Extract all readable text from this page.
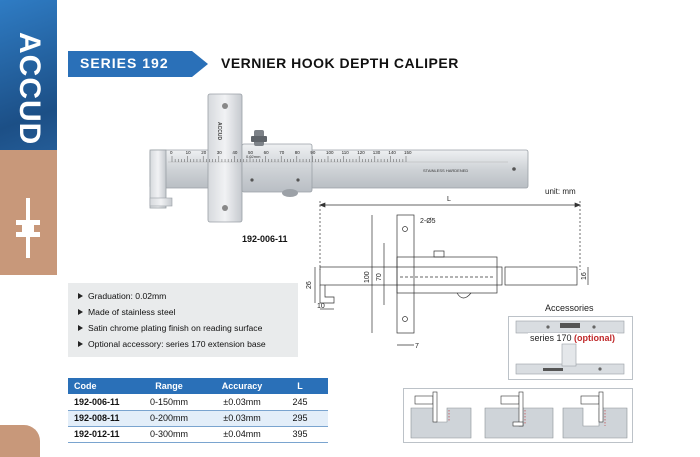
ACCUD SERIES 192	VERNIER HOOK DEPTH CALIPER
ACCUD
0.02mm
0	10 20 30 40 50 60 70 80 90 100 110 120 130 140 150
STAINLESS HARDENED
192-006-11
unit: mm
L
2-Ø5
26
70
100	16
10
7
Accessories
series 170 (optional)
Graduation: 0.02mm
Made of stainless steel
Satin chrome plating finish on reading surface
Optional accessory: series 170 extension base
Code	Range	Accuracy	L
192-006-11	0-150mm	±0.03mm	245
192-008-11	0-200mm	±0.03mm	295
192-012-11	0-300mm	±0.04mm	395
